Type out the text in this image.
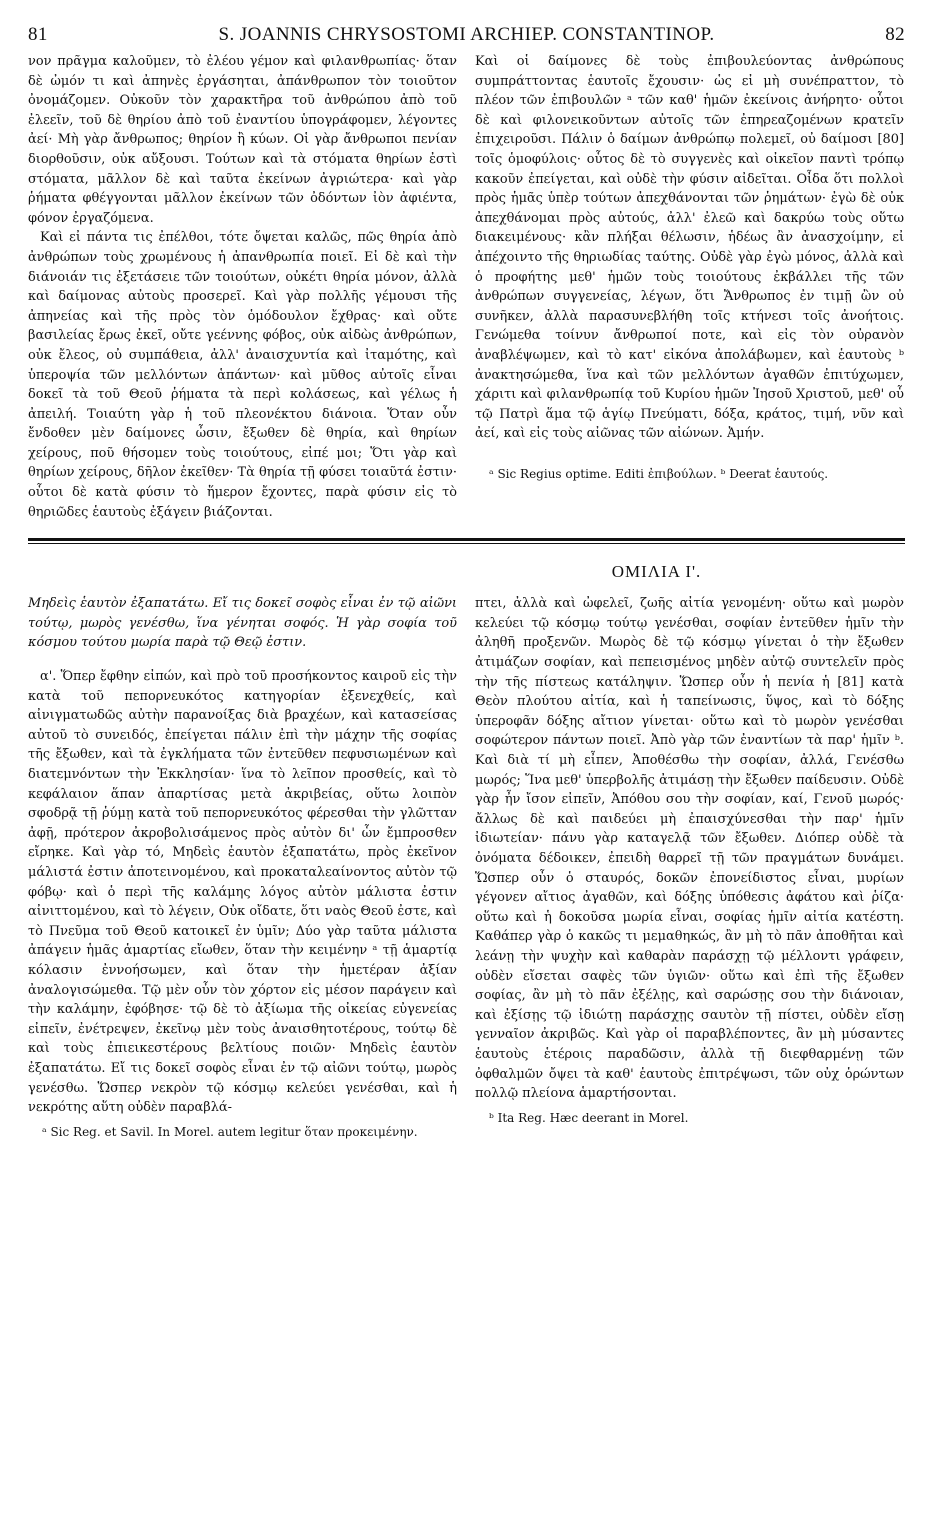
81	S. JOANNIS CHRYSOSTOMI ARCHIEP. CONSTANTINOP.	82

νον πρᾶγμα καλοῦμεν, τὸ ἐλέου γέμον καὶ φιλανθρωπίας· ὅταν δὲ ὠμόν τι καὶ ἀπηνὲς ἐργάσηται, ἀπάνθρωπον τὸν τοιοῦτον ὀνομάζομεν. Οὐκοῦν τὸν χαρακτῆρα τοῦ ἀνθρώπου ἀπὸ τοῦ ἐλεεῖν, τοῦ δὲ θηρίου ἀπὸ τοῦ ἐναντίου ὑπογράφομεν, λέγοντες ἀεί· Μὴ γὰρ ἄνθρωπος; θηρίον ἢ κύων. Οἱ γὰρ ἄνθρωποι πενίαν διορθοῦσιν, οὐκ αὔξουσι. Τούτων καὶ τὰ στόματα θηρίων ἐστὶ στόματα, μᾶλλον δὲ καὶ ταῦτα ἐκείνων ἀγριώτερα· καὶ γὰρ ῥήματα φθέγγονται μᾶλλον ἐκείνων τῶν ὀδόντων ἰὸν ἀφιέντα, φόνον ἐργαζόμενα.

Καὶ εἰ πάντα τις ἐπέλθοι, τότε ὄψεται καλῶς, πῶς θηρία ἀπὸ ἀνθρώπων τοὺς χρωμένους ἡ ἀπανθρωπία ποιεῖ. Εἰ δὲ καὶ τὴν διάνοιάν τις ἐξετάσειε τῶν τοιούτων, οὐκέτι θηρία μόνον, ἀλλὰ καὶ δαίμονας αὐτοὺς προσερεῖ. Καὶ γὰρ πολλῆς γέμουσι τῆς ἀπηνείας καὶ τῆς πρὸς τὸν ὁμόδουλον ἔχθρας· καὶ οὔτε βασιλείας ἔρως ἐκεῖ, οὔτε γεέννης φόβος, οὐκ αἰδὼς ἀνθρώπων, οὐκ ἔλεος, οὐ συμπάθεια, ἀλλ' ἀναισχυντία καὶ ἰταμότης, καὶ ὑπεροψία τῶν μελλόντων ἁπάντων· καὶ μῦθος αὐτοῖς εἶναι δοκεῖ τὰ τοῦ Θεοῦ ῥήματα τὰ περὶ κολάσεως, καὶ γέλως ἡ ἀπειλή. Τοιαύτη γὰρ ἡ τοῦ πλεονέκτου διάνοια. Ὅταν οὖν ἔνδοθεν μὲν δαίμονες ὦσιν, ἔξωθεν δὲ θηρία, καὶ θηρίων χείρους, ποῦ θήσομεν τοὺς τοιούτους, εἰπέ μοι; Ὅτι γὰρ καὶ θηρίων χείρους, δῆλον ἐκεῖθεν· Τὰ θηρία τῇ φύσει τοιαῦτά ἐστιν· οὗτοι δὲ κατὰ φύσιν τὸ ἥμερον ἔχοντες, παρὰ φύσιν εἰς τὸ θηριῶδες ἑαυτοὺς ἐξάγειν βιάζονται.

Καὶ οἱ δαίμονες δὲ τοὺς ἐπιβουλεύοντας ἀνθρώπους συμπράττοντας ἑαυτοῖς ἔχουσιν· ὡς εἰ μὴ συνέπραττον, τὸ πλέον τῶν ἐπιβουλῶν ᵃ τῶν καθ' ἡμῶν ἐκείνοις ἀνήρητο· οὗτοι δὲ καὶ φιλονεικοῦντων αὐτοῖς τῶν ἐπηρεαζομένων κρατεῖν ἐπιχειροῦσι. Πάλιν ὁ δαίμων ἀνθρώπῳ πολεμεῖ, οὐ δαίμοσι [80] τοῖς ὁμοφύλοις· οὗτος δὲ τὸ συγγενὲς καὶ οἰκεῖον παντὶ τρόπῳ κακοῦν ἐπείγεται, καὶ οὐδὲ τὴν φύσιν αἰδεῖται. Οἶδα ὅτι πολλοὶ πρὸς ἡμᾶς ὑπὲρ τούτων ἀπεχθάνονται τῶν ῥημάτων· ἐγὼ δὲ οὐκ ἀπεχθάνομαι πρὸς αὐτούς, ἀλλ' ἐλεῶ καὶ δακρύω τοὺς οὕτω διακειμένους· κἂν πλήξαι θέλωσιν, ἡδέως ἂν ἀνασχοίμην, εἰ ἀπέχοιντο τῆς θηριωδίας ταύτης. Οὐδὲ γὰρ ἐγὼ μόνος, ἀλλὰ καὶ ὁ προφήτης μεθ' ἡμῶν τοὺς τοιούτους ἐκβάλλει τῆς τῶν ἀνθρώπων συγγενείας, λέγων, ὅτι Ἄνθρωπος ἐν τιμῇ ὢν οὐ συνῆκεν, ἀλλὰ παρασυνεβλήθη τοῖς κτήνεσι τοῖς ἀνοήτοις. Γενώμεθα τοίνυν ἄνθρωποί ποτε, καὶ εἰς τὸν οὐρανὸν ἀναβλέψωμεν, καὶ τὸ κατ' εἰκόνα ἀπολάβωμεν, καὶ ἑαυτοὺς ᵇ ἀνακτησώμεθα, ἵνα καὶ τῶν μελλόντων ἀγαθῶν ἐπιτύχωμεν, χάριτι καὶ φιλανθρωπίᾳ τοῦ Κυρίου ἡμῶν Ἰησοῦ Χριστοῦ, μεθ' οὗ τῷ Πατρὶ ἅμα τῷ ἁγίῳ Πνεύματι, δόξα, κράτος, τιμή, νῦν καὶ ἀεί, καὶ εἰς τοὺς αἰῶνας τῶν αἰώνων. Ἀμήν.

ᵃ Sic Regius optime. Editi ἐπιβούλων. ᵇ Deerat ἑαυτούς.
ΟΜΙΛΙΑ Ι'.

Μηδεὶς ἑαυτὸν ἐξαπατάτω. Εἴ τις δοκεῖ σοφὸς εἶναι ἐν τῷ αἰῶνι τούτῳ, μωρὸς γενέσθω, ἵνα γένηται σοφός. Ἡ γὰρ σοφία τοῦ κόσμου τούτου μωρία παρὰ τῷ Θεῷ ἐστιν.

α'. Ὅπερ ἔφθην εἰπών, καὶ πρὸ τοῦ προσήκοντος καιροῦ εἰς τὴν κατὰ τοῦ πεπορνευκότος κατηγορίαν ἐξενεχθείς, καὶ αἰνιγματωδῶς αὐτὴν παρανοίξας διὰ βραχέων, καὶ κατασείσας αὐτοῦ τὸ συνειδός, ἐπείγεται πάλιν ἐπὶ τὴν μάχην τῆς σοφίας τῆς ἔξωθεν, καὶ τὰ ἐγκλήματα τῶν ἐντεῦθεν πεφυσιωμένων καὶ διατεμνόντων τὴν Ἐκκλησίαν· ἵνα τὸ λεῖπον προσθείς, καὶ τὸ κεφάλαιον ἅπαν ἀπαρτίσας μετὰ ἀκριβείας, οὕτω λοιπὸν σφοδρᾷ τῇ ῥύμῃ κατὰ τοῦ πεπορνευκότος φέρεσθαι τὴν γλῶτταν ἀφῇ, πρότερον ἀκροβολισάμενος πρὸς αὐτὸν δι' ὧν ἔμπροσθεν εἴρηκε. Καὶ γὰρ τό, Μηδεὶς ἑαυτὸν ἐξαπατάτω, πρὸς ἐκεῖνον μάλιστά ἐστιν ἀποτεινομένου, καὶ προκαταλεαίνοντος αὐτὸν τῷ φόβῳ· καὶ ὁ περὶ τῆς καλάμης λόγος αὐτὸν μάλιστα ἐστιν αἰνιττομένου, καὶ τὸ λέγειν, Οὐκ οἴδατε, ὅτι ναὸς Θεοῦ ἐστε, καὶ τὸ Πνεῦμα τοῦ Θεοῦ κατοικεῖ ἐν ὑμῖν; Δύο γὰρ ταῦτα μάλιστα ἀπάγειν ἡμᾶς ἁμαρτίας εἴωθεν, ὅταν τὴν κειμένην ᵃ τῇ ἁμαρτίᾳ κόλασιν ἐννοήσωμεν, καὶ ὅταν τὴν ἡμετέραν ἀξίαν ἀναλογισώμεθα. Τῷ μὲν οὖν τὸν χόρτον εἰς μέσον παράγειν καὶ τὴν καλάμην, ἐφόβησε· τῷ δὲ τὸ ἀξίωμα τῆς οἰκείας εὐγενείας εἰπεῖν, ἐνέτρεψεν, ἐκεῖνῳ μὲν τοὺς ἀναισθητοτέρους, τούτῳ δὲ καὶ τοὺς ἐπιεικεστέρους βελτίους ποιῶν· Μηδεὶς ἑαυτὸν ἐξαπατάτω. Εἴ τις δοκεῖ σοφὸς εἶναι ἐν τῷ αἰῶνι τούτῳ, μωρὸς γενέσθω. Ὥσπερ νεκρὸν τῷ κόσμῳ κελεύει γενέσθαι, καὶ ἡ νεκρότης αὕτη οὐδὲν παραβλά-

ᵃ Sic Reg. et Savil. In Morel. autem legitur ὅταν προκειμένην.

πτει, ἀλλὰ καὶ ὠφελεῖ, ζωῆς αἰτία γενομένη· οὕτω καὶ μωρὸν κελεύει τῷ κόσμῳ τούτῳ γενέσθαι, σοφίαν ἐντεῦθεν ἡμῖν τὴν ἀληθῆ προξενῶν. Μωρὸς δὲ τῷ κόσμῳ γίνεται ὁ τὴν ἔξωθεν ἀτιμάζων σοφίαν, καὶ πεπεισμένος μηδὲν αὐτῷ συντελεῖν πρὸς τὴν τῆς πίστεως κατάληψιν. Ὥσπερ οὖν ἡ πενία ἡ [81] κατὰ Θεὸν πλούτου αἰτία, καὶ ἡ ταπείνωσις, ὕψος, καὶ τὸ δόξης ὑπεροφᾶν δόξης αἴτιον γίνεται· οὕτω καὶ τὸ μωρὸν γενέσθαι σοφώτερον πάντων ποιεῖ. Ἀπὸ γὰρ τῶν ἐναντίων τὰ παρ' ἡμῖν ᵇ. Καὶ διὰ τί μὴ εἶπεν, Ἀποθέσθω τὴν σοφίαν, ἀλλά, Γενέσθω μωρός; Ἵνα μεθ' ὑπερβολῆς ἀτιμάσῃ τὴν ἔξωθεν παίδευσιν. Οὐδὲ γὰρ ἦν ἴσον εἰπεῖν, Ἀπόθου σου τὴν σοφίαν, καί, Γενοῦ μωρός· ἄλλως δὲ καὶ παιδεύει μὴ ἐπαισχύνεσθαι τὴν παρ' ἡμῖν ἰδιωτείαν· πάνυ γὰρ καταγελᾷ τῶν ἔξωθεν. Διόπερ οὐδὲ τὰ ὀνόματα δέδοικεν, ἐπειδὴ θαρρεῖ τῇ τῶν πραγμάτων δυνάμει. Ὥσπερ οὖν ὁ σταυρός, δοκῶν ἐπονείδιστος εἶναι, μυρίων γέγονεν αἴτιος ἀγαθῶν, καὶ δόξης ὑπόθεσις ἀφάτου καὶ ῥίζα· οὕτω καὶ ἡ δοκοῦσα μωρία εἶναι, σοφίας ἡμῖν αἰτία κατέστη. Καθάπερ γὰρ ὁ κακῶς τι μεμαθηκώς, ἂν μὴ τὸ πᾶν ἀποθῆται καὶ λεάνῃ τὴν ψυχὴν καὶ καθαρὰν παράσχῃ τῷ μέλλοντι γράφειν, οὐδὲν εἴσεται σαφὲς τῶν ὑγιῶν· οὕτω καὶ ἐπὶ τῆς ἔξωθεν σοφίας, ἂν μὴ τὸ πᾶν ἐξέλῃς, καὶ σαρώσῃς σου τὴν διάνοιαν, καὶ ἐξίσῃς τῷ ἰδιώτῃ παράσχῃς σαυτὸν τῇ πίστει, οὐδὲν εἴσῃ γενναῖον ἀκριβῶς. Καὶ γὰρ οἱ παραβλέποντες, ἂν μὴ μύσαντες ἑαυτοὺς ἑτέροις παραδῶσιν, ἀλλὰ τῇ διεφθαρμένῃ τῶν ὀφθαλμῶν ὄψει τὰ καθ' ἑαυτοὺς ἐπιτρέψωσι, τῶν οὐχ ὁρώντων πολλῷ πλείονα ἁμαρτήσονται.

ᵇ Ita Reg. Hæc deerant in Morel.
